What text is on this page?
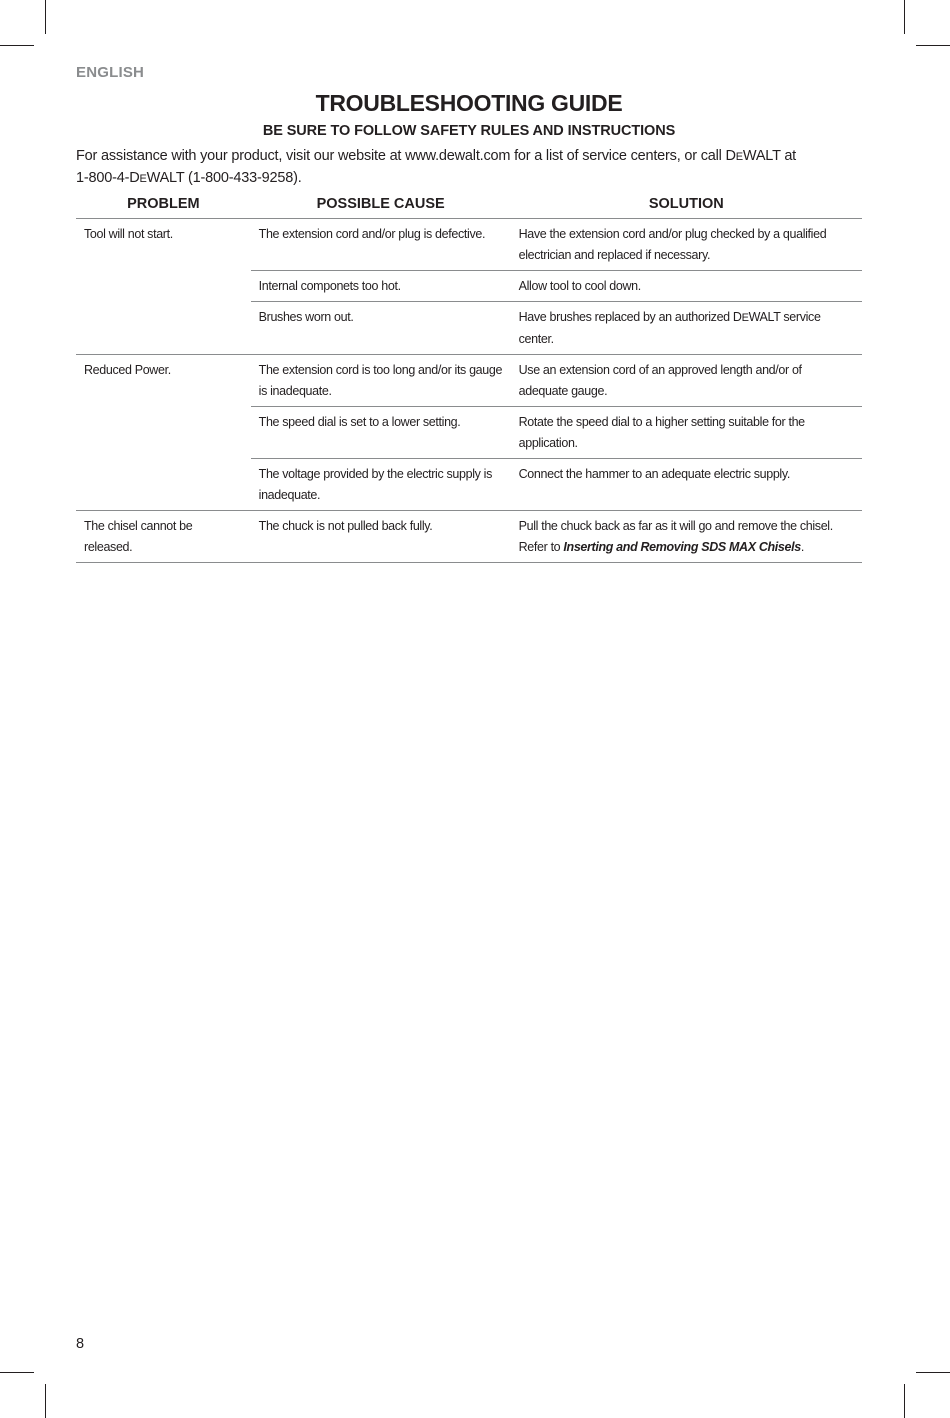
ENGLISH
TROUBLESHOOTING GUIDE
BE SURE TO FOLLOW SAFETY RULES AND INSTRUCTIONS
For assistance with your product, visit our website at www.dewalt.com for a list of service centers, or call DEWALT at
1-800-4-DEWALT (1-800-433-9258).
PROBLEM	POSSIBLE CAUSE	SOLUTION
Tool will not start.	The extension cord and/or plug is defective.	Have the extension cord and/or plug checked by a qualified electrician and replaced if necessary.
	Internal componets too hot.	Allow tool to cool down.
	Brushes worn out.	Have brushes replaced by an authorized DEWALT service center.
Reduced Power.	The extension cord is too long and/or its gauge is inadequate.	Use an extension cord of an approved length and/or of adequate gauge.
	The speed dial is set to a lower setting.	Rotate the speed dial to a higher setting suitable for the application.
	The voltage provided by the electric supply is inadequate.	Connect the hammer to an adequate electric supply.
The chisel cannot be released.	The chuck is not pulled back fully.	Pull the chuck back as far as it will go and remove the chisel. Refer to Inserting and Removing SDS MAX Chisels.
8
